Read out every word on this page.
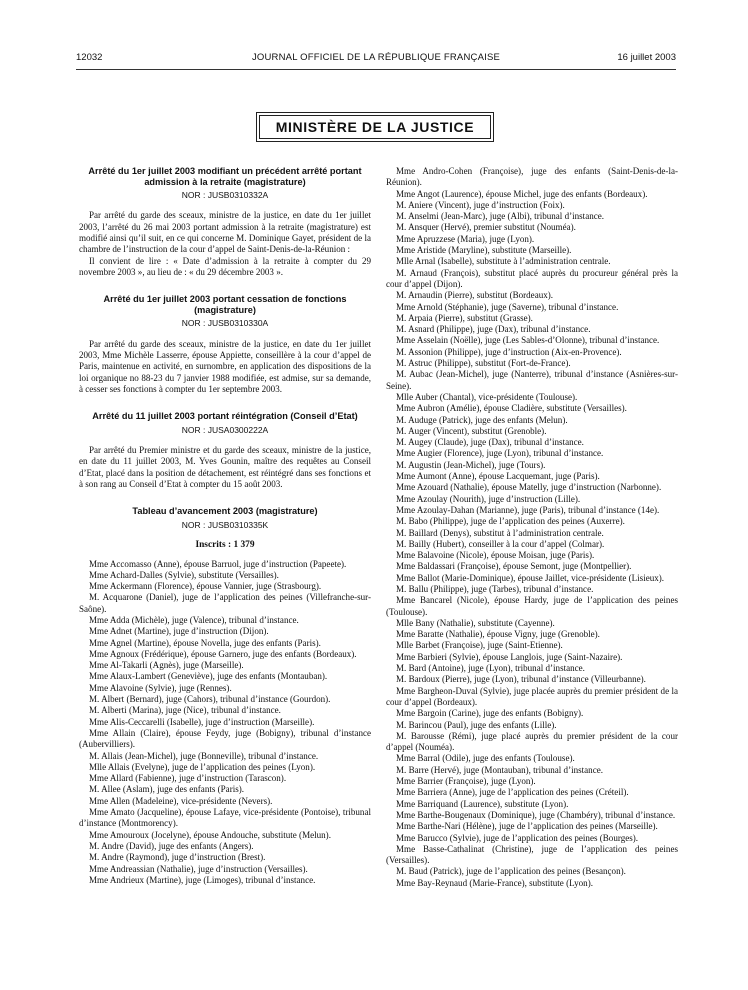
12032	JOURNAL OFFICIEL DE LA RÉPUBLIQUE FRANÇAISE	16 juillet 2003
MINISTÈRE DE LA JUSTICE
Arrêté du 1er juillet 2003 modifiant un précédent arrêté portant admission à la retraite (magistrature)
NOR : JUSB0310332A

Par arrêté du garde des sceaux, ministre de la justice, en date du 1er juillet 2003, l’arrêté du 26 mai 2003 portant admission à la retraite (magistrature) est modifié ainsi qu’il suit, en ce qui concerne M. Dominique Gayet, président de la chambre de l’instruction de la cour d’appel de Saint-Denis-de-la-Réunion :

Il convient de lire : « Date d’admission à la retraite à compter du 29 novembre 2003 », au lieu de : « du 29 décembre 2003 ».

Arrêté du 1er juillet 2003 portant cessation de fonctions (magistrature)
NOR : JUSB0310330A

Par arrêté du garde des sceaux, ministre de la justice, en date du 1er juillet 2003, Mme Michèle Lasserre, épouse Appiette, conseillère à la cour d’appel de Paris, maintenue en activité, en surnombre, en application des dispositions de la loi organique no 88-23 du 7 janvier 1988 modifiée, est admise, sur sa demande, à cesser ses fonctions à compter du 1er septembre 2003.

Arrêté du 11 juillet 2003 portant réintégration (Conseil d’Etat)
NOR : JUSA0300222A

Par arrêté du Premier ministre et du garde des sceaux, ministre de la justice, en date du 11 juillet 2003, M. Yves Gounin, maître des requêtes au Conseil d’Etat, placé dans la position de détachement, est réintégré dans ses fonctions et à son rang au Conseil d’Etat à compter du 15 août 2003.

Tableau d’avancement 2003 (magistrature)
NOR : JUSB0310335K
Inscrits : 1 379

Mme Accomasso (Anne), épouse Barruol, juge d’instruction (Papeete).

Mme Achard-Dalles (Sylvie), substitute (Versailles).

Mme Ackermann (Florence), épouse Vannier, juge (Strasbourg).

M. Acquarone (Daniel), juge de l’application des peines (Villefranche-sur-Saône).

Mme Adda (Michèle), juge (Valence), tribunal d’instance.

Mme Adnet (Martine), juge d’instruction (Dijon).

Mme Agnel (Martine), épouse Novella, juge des enfants (Paris).

Mme Agnoux (Frédérique), épouse Garnero, juge des enfants (Bordeaux).

Mme Al-Takarli (Agnès), juge (Marseille).

Mme Alaux-Lambert (Geneviève), juge des enfants (Montauban).

Mme Alavoine (Sylvie), juge (Rennes).

M. Albert (Bernard), juge (Cahors), tribunal d’instance (Gourdon).

M. Alberti (Marina), juge (Nice), tribunal d’instance.

Mme Alis-Ceccarelli (Isabelle), juge d’instruction (Marseille).

Mme Allain (Claire), épouse Feydy, juge (Bobigny), tribunal d’instance (Aubervilliers).

M. Allais (Jean-Michel), juge (Bonneville), tribunal d’instance.

Mlle Allais (Evelyne), juge de l’application des peines (Lyon).

Mme Allard (Fabienne), juge d’instruction (Tarascon).

M. Allee (Aslam), juge des enfants (Paris).

Mme Allen (Madeleine), vice-présidente (Nevers).

Mme Amato (Jacqueline), épouse Lafaye, vice-présidente (Pontoise), tribunal d’instance (Montmorency).

Mme Amouroux (Jocelyne), épouse Andouche, substitute (Melun).

M. Andre (David), juge des enfants (Angers).

M. Andre (Raymond), juge d’instruction (Brest).

Mme Andreassian (Nathalie), juge d’instruction (Versailles).

Mme Andrieux (Martine), juge (Limoges), tribunal d’instance.

Mme Andro-Cohen (Françoise), juge des enfants (Saint-Denis-de-la-Réunion).

Mme Angot (Laurence), épouse Michel, juge des enfants (Bordeaux).

M. Aniere (Vincent), juge d’instruction (Foix).

M. Anselmi (Jean-Marc), juge (Albi), tribunal d’instance.

M. Ansquer (Hervé), premier substitut (Nouméa).

Mme Apruzzese (Maria), juge (Lyon).

Mme Aristide (Maryline), substitute (Marseille).

Mlle Arnal (Isabelle), substitute à l’administration centrale.

M. Arnaud (François), substitut placé auprès du procureur général près la cour d’appel (Dijon).

M. Arnaudin (Pierre), substitut (Bordeaux).

Mme Arnold (Stéphanie), juge (Saverne), tribunal d’instance.

M. Arpaia (Pierre), substitut (Grasse).

M. Asnard (Philippe), juge (Dax), tribunal d’instance.

Mme Asselain (Noëlle), juge (Les Sables-d’Olonne), tribunal d’instance.

M. Assonion (Philippe), juge d’instruction (Aix-en-Provence).

M. Astruc (Philippe), substitut (Fort-de-France).

M. Aubac (Jean-Michel), juge (Nanterre), tribunal d’instance (Asnières-sur-Seine).

Mlle Auber (Chantal), vice-présidente (Toulouse).

Mme Aubron (Amélie), épouse Cladière, substitute (Versailles).

M. Auduge (Patrick), juge des enfants (Melun).

M. Auger (Vincent), substitut (Grenoble).

M. Augey (Claude), juge (Dax), tribunal d’instance.

Mme Augier (Florence), juge (Lyon), tribunal d’instance.

M. Augustin (Jean-Michel), juge (Tours).

Mme Aumont (Anne), épouse Lacquemant, juge (Paris).

Mme Azouard (Nathalie), épouse Matelly, juge d’instruction (Narbonne).

Mme Azoulay (Nourith), juge d’instruction (Lille).

Mme Azoulay-Dahan (Marianne), juge (Paris), tribunal d’instance (14e).

M. Babo (Philippe), juge de l’application des peines (Auxerre).

M. Baillard (Denys), substitut à l’administration centrale.

M. Bailly (Hubert), conseiller à la cour d’appel (Colmar).

Mme Balavoine (Nicole), épouse Moisan, juge (Paris).

Mme Baldassari (Françoise), épouse Semont, juge (Montpellier).

Mme Ballot (Marie-Dominique), épouse Jaillet, vice-présidente (Lisieux).

M. Ballu (Philippe), juge (Tarbes), tribunal d’instance.

Mme Bancarel (Nicole), épouse Hardy, juge de l’application des peines (Toulouse).

Mlle Bany (Nathalie), substitute (Cayenne).

Mme Baratte (Nathalie), épouse Vigny, juge (Grenoble).

Mlle Barbet (Françoise), juge (Saint-Etienne).

Mme Barbieri (Sylvie), épouse Langlois, juge (Saint-Nazaire).

M. Bard (Antoine), juge (Lyon), tribunal d’instance.

M. Bardoux (Pierre), juge (Lyon), tribunal d’instance (Villeurbanne).

Mme Bargheon-Duval (Sylvie), juge placée auprès du premier président de la cour d’appel (Bordeaux).

Mme Bargoin (Carine), juge des enfants (Bobigny).

M. Barincou (Paul), juge des enfants (Lille).

M. Barousse (Rémi), juge placé auprès du premier président de la cour d’appel (Nouméa).

Mme Barral (Odile), juge des enfants (Toulouse).

M. Barre (Hervé), juge (Montauban), tribunal d’instance.

Mme Barrier (Françoise), juge (Lyon).

Mme Barriera (Anne), juge de l’application des peines (Créteil).

Mme Barriquand (Laurence), substitute (Lyon).

Mme Barthe-Bougenaux (Dominique), juge (Chambéry), tribunal d’instance.

Mme Barthe-Nari (Hélène), juge de l’application des peines (Marseille).

Mme Barucco (Sylvie), juge de l’application des peines (Bourges).

Mme Basse-Cathalinat (Christine), juge de l’application des peines (Versailles).

M. Baud (Patrick), juge de l’application des peines (Besançon).

Mme Bay-Reynaud (Marie-France), substitute (Lyon).
